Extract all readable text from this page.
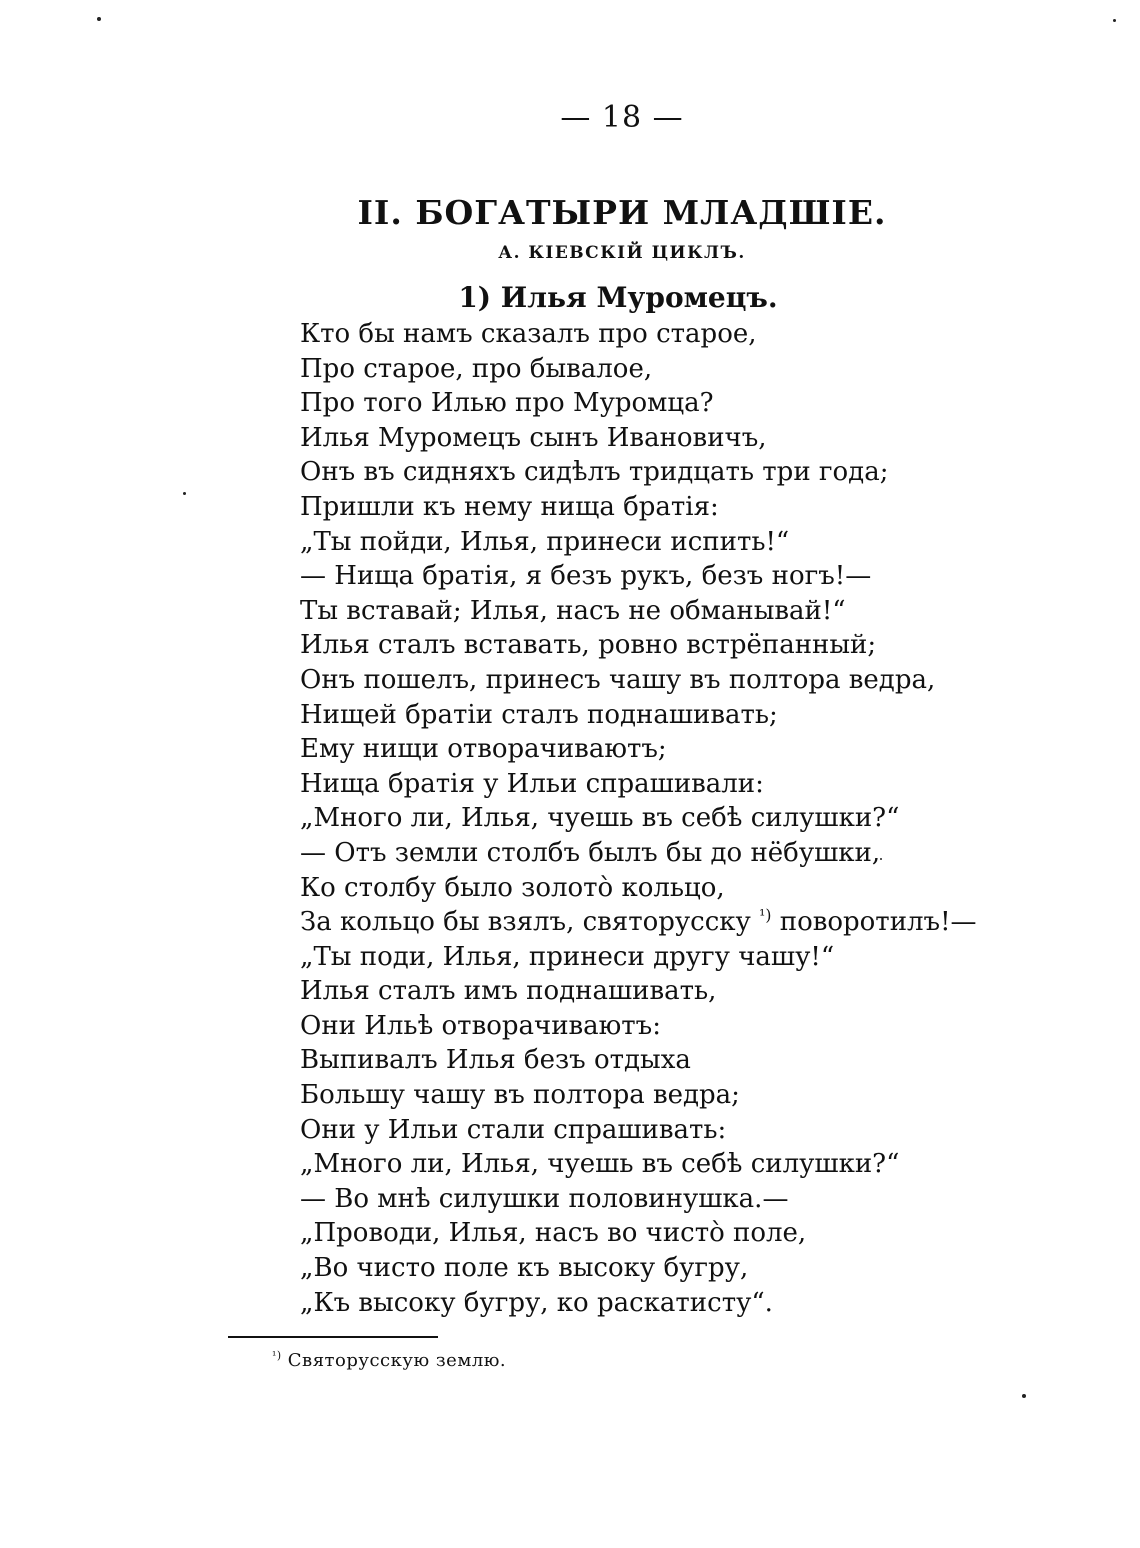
— 18 —
II. БОГАТЫРИ МЛАДШІЕ.
А. КІЕВСКІЙ ЦИКЛЪ.
1) Илья Муромецъ.
Кто бы намъ сказалъ про старое,
Про старое, про бывалое,
Про того Илью про Муромца?
Илья Муромецъ сынъ Ивановичъ,
Онъ въ сидняхъ сидѣлъ тридцать три года;
Пришли къ нему нища братія:
„Ты пойди, Илья, принеси испить!“
— Нища братія, я безъ рукъ, безъ ногъ!—
Ты вставай; Илья, насъ не обманывай!“
Илья сталъ вставать, ровно встрёпанный;
Онъ пошелъ, принесъ чашу въ полтора ведра,
Нищей братіи сталъ поднашивать;
Ему нищи отворачиваютъ;
Нища братія у Ильи спрашивали:
„Много ли, Илья, чуешь въ себѣ силушки?“
— Отъ земли столбъ былъ бы до нёбушки,
Ко столбу было золото̀ кольцо,
За кольцо бы взялъ, святорусску $^{^1)}$ поворотилъ!—
„Ты поди, Илья, принеси другу чашу!“
Илья сталъ имъ поднашивать,
Они Ильѣ отворачиваютъ:
Выпивалъ Илья безъ отдыха
Большу чашу въ полтора ведра;
Они у Ильи стали спрашивать:
„Много ли, Илья, чуешь въ себѣ силушки?“
— Во мнѣ силушки половинушка.—
„Проводи, Илья, насъ во чисто̀ поле,
„Во чисто поле къ высоку бугру,
„Къ высоку бугру, ко раскатисту“.
$^{^1)}$ Святорусскую землю.
